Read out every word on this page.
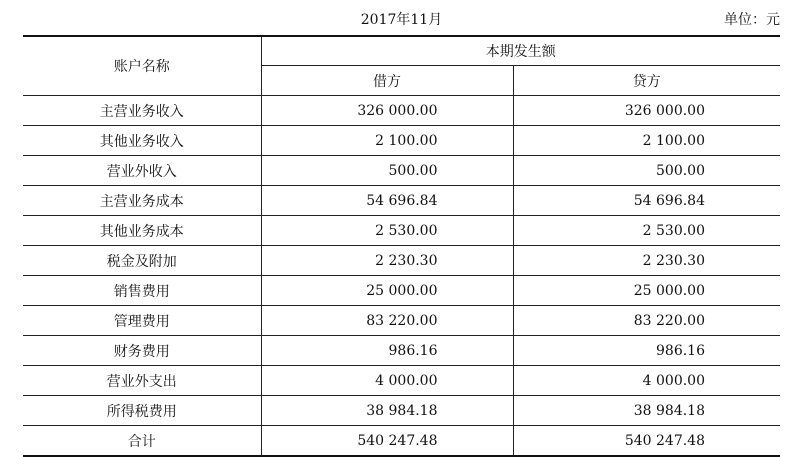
2017年11月	单位：元
账户名称	本期发生额	
	借方	贷方
主营业务收入	326 000.00	326 000.00
其他业务收入	2 100.00	2 100.00
营业外收入	500.00	500.00
主营业务成本	54 696.84	54 696.84
其他业务成本	2 530.00	2 530.00
税金及附加	2 230.30	2 230.30
销售费用	25 000.00	25 000.00
管理费用	83 220.00	83 220.00
财务费用	986.16	986.16
营业外支出	4 000.00	4 000.00
所得税费用	38 984.18	38 984.18
合计	540 247.48	540 247.48
